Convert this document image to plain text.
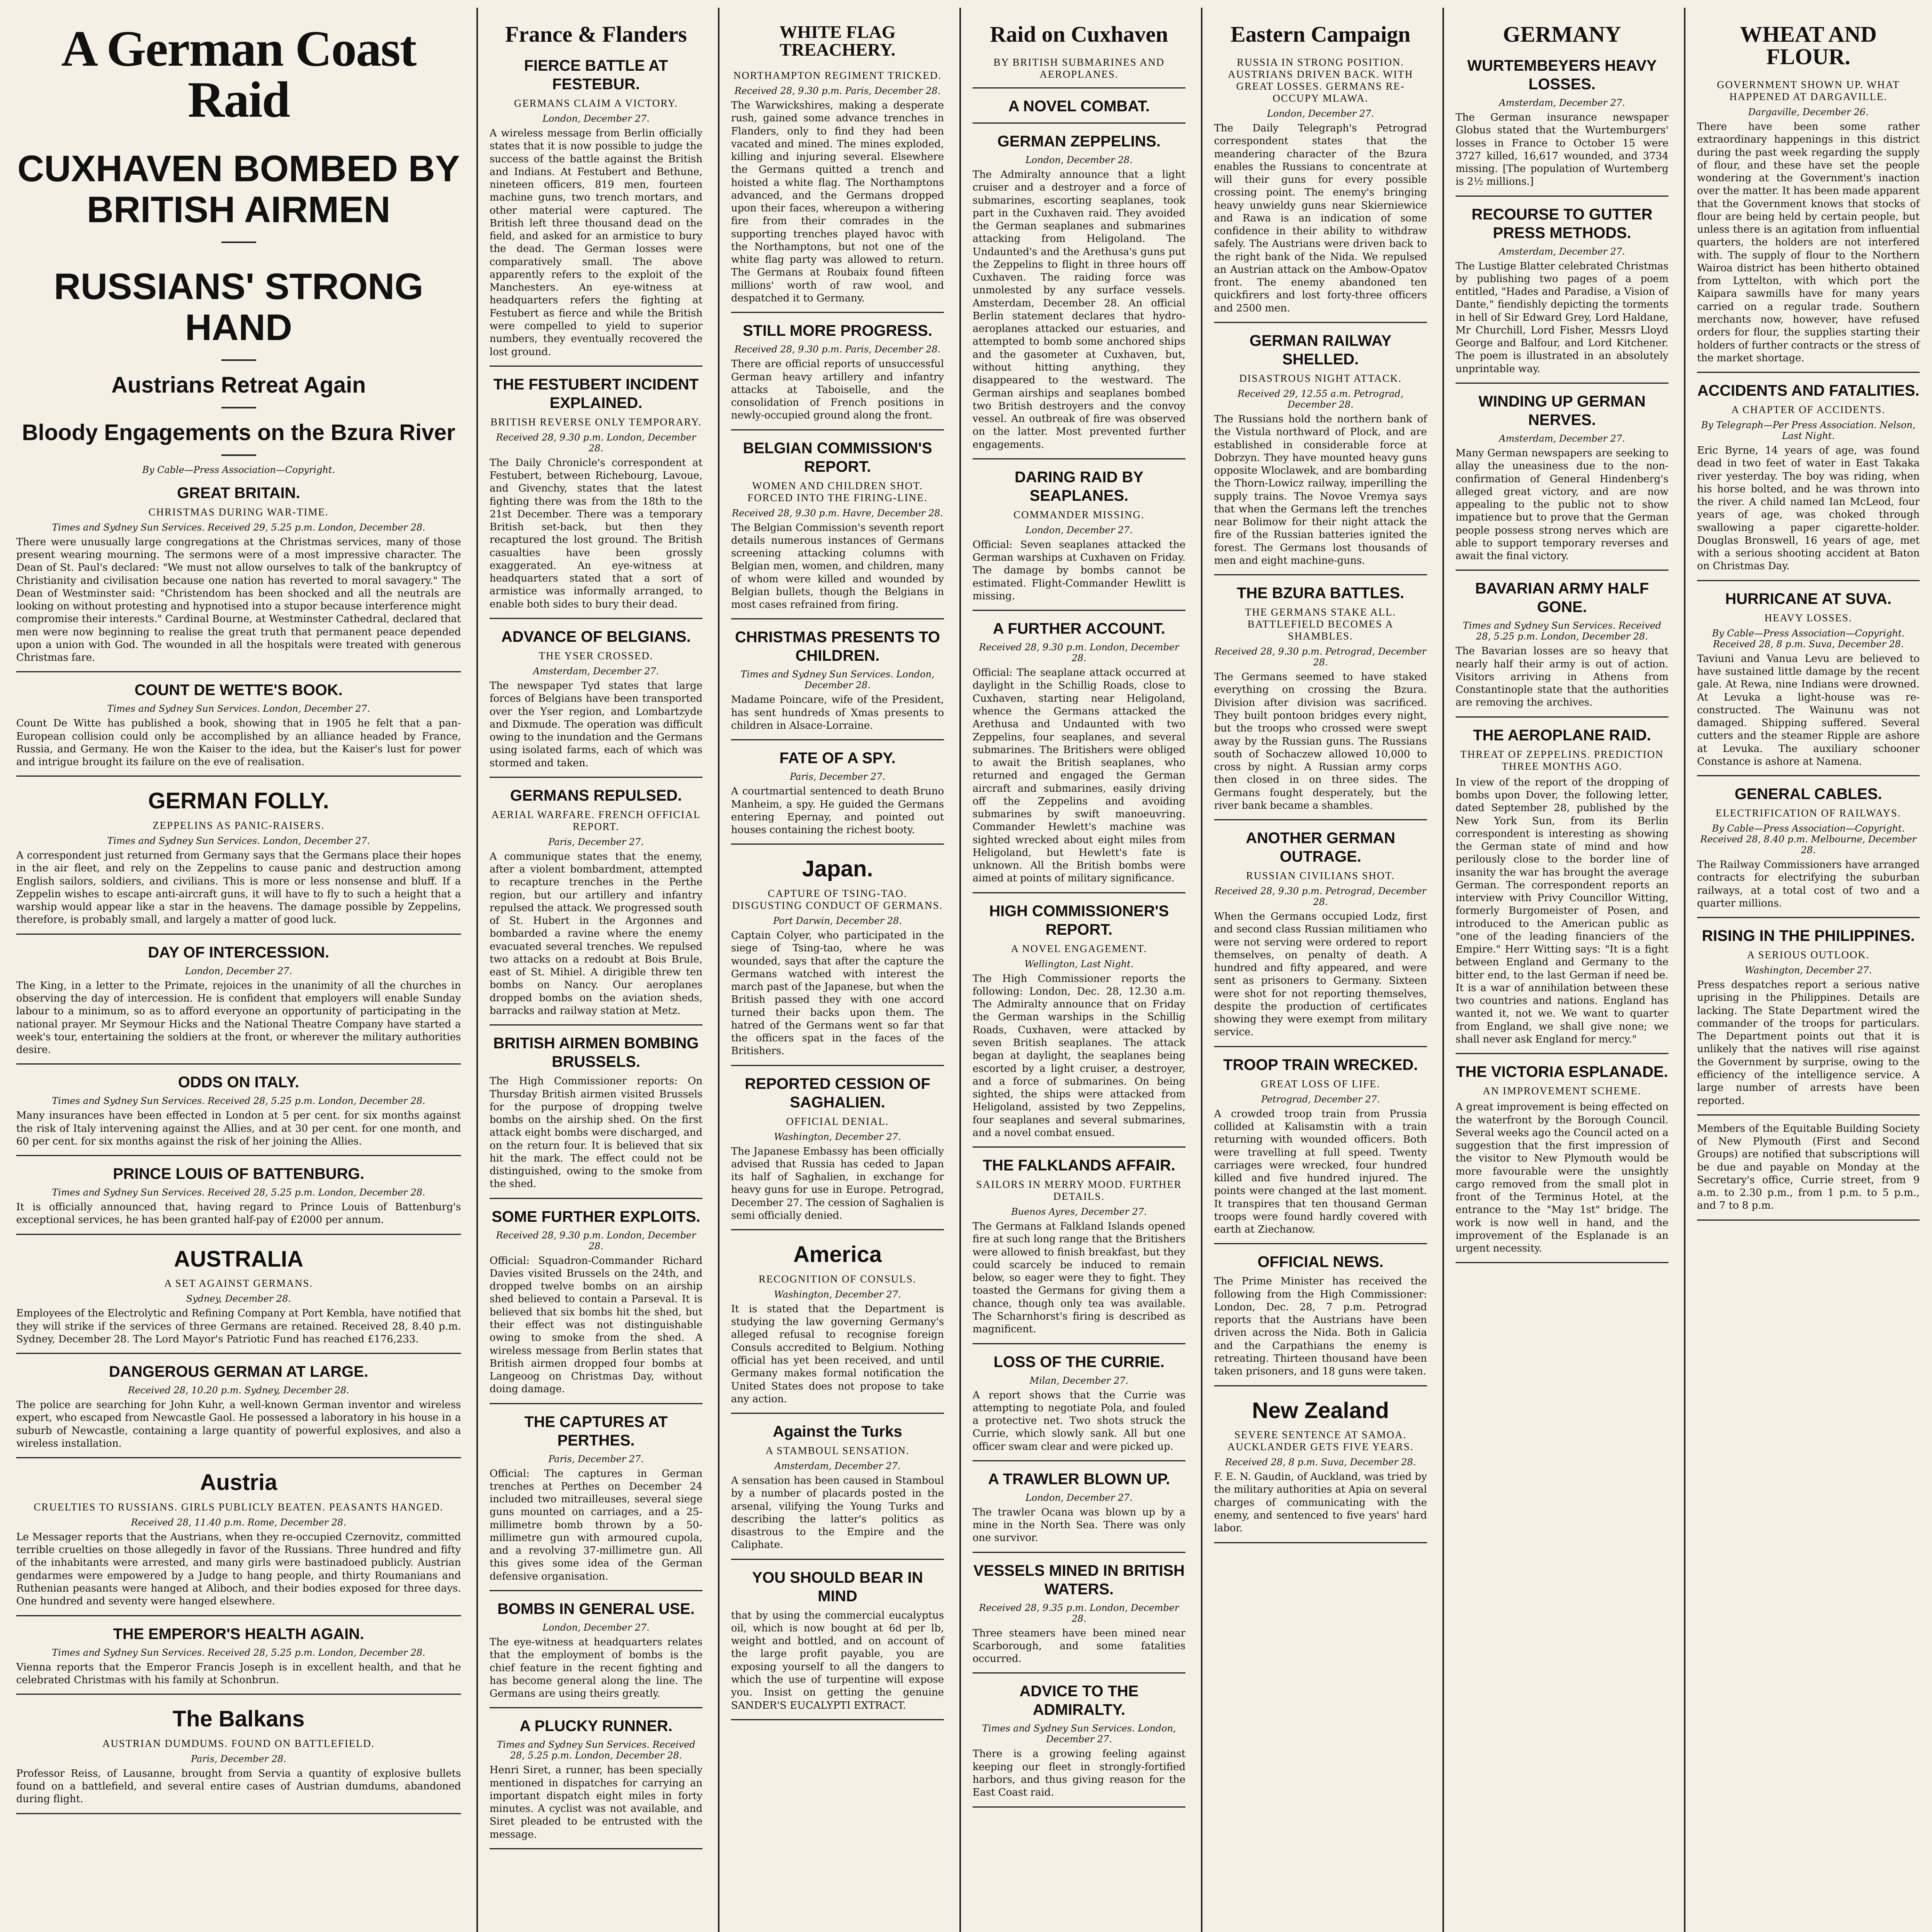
A German Coast Raid
CUXHAVEN BOMBED BY BRITISH AIRMEN
RUSSIANS' STRONG HAND
Austrians Retreat Again
Bloody Engagements on the Bzura River
By Cable—Press Association—Copyright.
GREAT BRITAIN.
CHRISTMAS DURING WAR-TIME.
Times and Sydney Sun Services. Received 29, 5.25 p.m. London, December 28.
There were unusually large congregations at the Christmas services, many of those present wearing mourning. The sermons were of a most impressive character. The Dean of St. Paul's declared: "We must not allow ourselves to talk of the bankruptcy of Christianity and civilisation because one nation has reverted to moral savagery." The Dean of Westminster said: "Christendom has been shocked and all the neutrals are looking on without protesting and hypnotised into a stupor because interference might compromise their interests." Cardinal Bourne, at Westminster Cathedral, declared that men were now beginning to realise the great truth that permanent peace depended upon a union with God. The wounded in all the hospitals were treated with generous Christmas fare.
COUNT DE WETTE'S BOOK.
Times and Sydney Sun Services. London, December 27.
Count De Witte has published a book, showing that in 1905 he felt that a pan-European collision could only be accomplished by an alliance headed by France, Russia, and Germany. He won the Kaiser to the idea, but the Kaiser's lust for power and intrigue brought its failure on the eve of realisation.
GERMAN FOLLY.
ZEPPELINS AS PANIC-RAISERS.
Times and Sydney Sun Services. London, December 27.
A correspondent just returned from Germany says that the Germans place their hopes in the air fleet, and rely on the Zeppelins to cause panic and destruction among English sailors, soldiers, and civilians. This is more or less nonsense and bluff. If a Zeppelin wishes to escape anti-aircraft guns, it will have to fly to such a height that a warship would appear like a star in the heavens. The damage possible by Zeppelins, therefore, is probably small, and largely a matter of good luck.
DAY OF INTERCESSION.
London, December 27.
The King, in a letter to the Primate, rejoices in the unanimity of all the churches in observing the day of intercession. He is confident that employers will enable Sunday labour to a minimum, so as to afford everyone an opportunity of participating in the national prayer. Mr Seymour Hicks and the National Theatre Company have started a week's tour, entertaining the soldiers at the front, or wherever the military authorities desire.
ODDS ON ITALY.
Times and Sydney Sun Services. Received 28, 5.25 p.m. London, December 28.
Many insurances have been effected in London at 5 per cent. for six months against the risk of Italy intervening against the Allies, and at 30 per cent. for one month, and 60 per cent. for six months against the risk of her joining the Allies.
PRINCE LOUIS OF BATTENBURG.
Times and Sydney Sun Services. Received 28, 5.25 p.m. London, December 28.
It is officially announced that, having regard to Prince Louis of Battenburg's exceptional services, he has been granted half-pay of £2000 per annum.
AUSTRALIA
A SET AGAINST GERMANS.
Sydney, December 28.
Employees of the Electrolytic and Refining Company at Port Kembla, have notified that they will strike if the services of three Germans are retained. Received 28, 8.40 p.m. Sydney, December 28. The Lord Mayor's Patriotic Fund has reached £176,233.
DANGEROUS GERMAN AT LARGE.
Received 28, 10.20 p.m. Sydney, December 28.
The police are searching for John Kuhr, a well-known German inventor and wireless expert, who escaped from Newcastle Gaol. He possessed a laboratory in his house in a suburb of Newcastle, containing a large quantity of powerful explosives, and also a wireless installation.
Austria
CRUELTIES TO RUSSIANS. GIRLS PUBLICLY BEATEN. PEASANTS HANGED.
Received 28, 11.40 p.m. Rome, December 28.
Le Messager reports that the Austrians, when they re-occupied Czernovitz, committed terrible cruelties on those allegedly in favor of the Russians. Three hundred and fifty of the inhabitants were arrested, and many girls were bastinadoed publicly. Austrian gendarmes were empowered by a Judge to hang people, and thirty Roumanians and Ruthenian peasants were hanged at Aliboch, and their bodies exposed for three days. One hundred and seventy were hanged elsewhere.
THE EMPEROR'S HEALTH AGAIN.
Times and Sydney Sun Services. Received 28, 5.25 p.m. London, December 28.
Vienna reports that the Emperor Francis Joseph is in excellent health, and that he celebrated Christmas with his family at Schonbrun.
The Balkans
AUSTRIAN DUMDUMS. FOUND ON BATTLEFIELD.
Paris, December 28.
Professor Reiss, of Lausanne, brought from Servia a quantity of explosive bullets found on a battlefield, and several entire cases of Austrian dumdums, abandoned during flight.
France & Flanders
FIERCE BATTLE AT FESTEBUR.
GERMANS CLAIM A VICTORY.
London, December 27.
A wireless message from Berlin officially states that it is now possible to judge the success of the battle against the British and Indians. At Festubert and Bethune, nineteen officers, 819 men, fourteen machine guns, two trench mortars, and other material were captured. The British left three thousand dead on the field, and asked for an armistice to bury the dead. The German losses were comparatively small. The above apparently refers to the exploit of the Manchesters. An eye-witness at headquarters refers the fighting at Festubert as fierce and while the British were compelled to yield to superior numbers, they eventually recovered the lost ground.
THE FESTUBERT INCIDENT EXPLAINED.
BRITISH REVERSE ONLY TEMPORARY.
Received 28, 9.30 p.m. London, December 28.
The Daily Chronicle's correspondent at Festubert, between Richebourg, Lavoue, and Givenchy, states that the latest fighting there was from the 18th to the 21st December. There was a temporary British set-back, but then they recaptured the lost ground. The British casualties have been grossly exaggerated. An eye-witness at headquarters stated that a sort of armistice was informally arranged, to enable both sides to bury their dead.
ADVANCE OF BELGIANS.
THE YSER CROSSED.
Amsterdam, December 27.
The newspaper Tyd states that large forces of Belgians have been transported over the Yser region, and Lombartzyde and Dixmude. The operation was difficult owing to the inundation and the Germans using isolated farms, each of which was stormed and taken.
GERMANS REPULSED.
AERIAL WARFARE. FRENCH OFFICIAL REPORT.
Paris, December 27.
A communique states that the enemy, after a violent bombardment, attempted to recapture trenches in the Perthe region, but our artillery and infantry repulsed the attack. We progressed south of St. Hubert in the Argonnes and bombarded a ravine where the enemy evacuated several trenches. We repulsed two attacks on a redoubt at Bois Brule, east of St. Mihiel. A dirigible threw ten bombs on Nancy. Our aeroplanes dropped bombs on the aviation sheds, barracks and railway station at Metz.
BRITISH AIRMEN BOMBING BRUSSELS.
The High Commissioner reports: On Thursday British airmen visited Brussels for the purpose of dropping twelve bombs on the airship shed. On the first attack eight bombs were discharged, and on the return four. It is believed that six hit the mark. The effect could not be distinguished, owing to the smoke from the shed.
SOME FURTHER EXPLOITS.
Received 28, 9.30 p.m. London, December 28.
Official: Squadron-Commander Richard Davies visited Brussels on the 24th, and dropped twelve bombs on an airship shed believed to contain a Parseval. It is believed that six bombs hit the shed, but their effect was not distinguishable owing to smoke from the shed. A wireless message from Berlin states that British airmen dropped four bombs at Langeoog on Christmas Day, without doing damage.
THE CAPTURES AT PERTHES.
Paris, December 27.
Official: The captures in German trenches at Perthes on December 24 included two mitrailleuses, several siege guns mounted on carriages, and a 25-millimetre bomb thrown by a 50-millimetre gun with armoured cupola, and a revolving 37-millimetre gun. All this gives some idea of the German defensive organisation.
BOMBS IN GENERAL USE.
London, December 27.
The eye-witness at headquarters relates that the employment of bombs is the chief feature in the recent fighting and has become general along the line. The Germans are using theirs greatly.
A PLUCKY RUNNER.
Times and Sydney Sun Services. Received 28, 5.25 p.m. London, December 28.
Henri Siret, a runner, has been specially mentioned in dispatches for carrying an important dispatch eight miles in forty minutes. A cyclist was not available, and Siret pleaded to be entrusted with the message.
WHITE FLAG TREACHERY.
NORTHAMPTON REGIMENT TRICKED.
Received 28, 9.30 p.m. Paris, December 28.
The Warwickshires, making a desperate rush, gained some advance trenches in Flanders, only to find they had been vacated and mined. The mines exploded, killing and injuring several. Elsewhere the Germans quitted a trench and hoisted a white flag. The Northamptons advanced, and the Germans dropped upon their faces, whereupon a withering fire from their comrades in the supporting trenches played havoc with the Northamptons, but not one of the white flag party was allowed to return. The Germans at Roubaix found fifteen millions' worth of raw wool, and despatched it to Germany.
STILL MORE PROGRESS.
Received 28, 9.30 p.m. Paris, December 28.
There are official reports of unsuccessful German heavy artillery and infantry attacks at Taboiselle, and the consolidation of French positions in newly-occupied ground along the front.
BELGIAN COMMISSION'S REPORT.
WOMEN AND CHILDREN SHOT. FORCED INTO THE FIRING-LINE.
Received 28, 9.30 p.m. Havre, December 28.
The Belgian Commission's seventh report details numerous instances of Germans screening attacking columns with Belgian men, women, and children, many of whom were killed and wounded by Belgian bullets, though the Belgians in most cases refrained from firing.
CHRISTMAS PRESENTS TO CHILDREN.
Times and Sydney Sun Services. London, December 28.
Madame Poincare, wife of the President, has sent hundreds of Xmas presents to children in Alsace-Lorraine.
FATE OF A SPY.
Paris, December 27.
A courtmartial sentenced to death Bruno Manheim, a spy. He guided the Germans entering Epernay, and pointed out houses containing the richest booty.
Japan.
CAPTURE OF TSING-TAO. DISGUSTING CONDUCT OF GERMANS.
Port Darwin, December 28.
Captain Colyer, who participated in the siege of Tsing-tao, where he was wounded, says that after the capture the Germans watched with interest the march past of the Japanese, but when the British passed they with one accord turned their backs upon them. The hatred of the Germans went so far that the officers spat in the faces of the Britishers.
REPORTED CESSION OF SAGHALIEN.
OFFICIAL DENIAL.
Washington, December 27.
The Japanese Embassy has been officially advised that Russia has ceded to Japan its half of Saghalien, in exchange for heavy guns for use in Europe. Petrograd, December 27. The cession of Saghalien is semi officially denied.
America
RECOGNITION OF CONSULS.
Washington, December 27.
It is stated that the Department is studying the law governing Germany's alleged refusal to recognise foreign Consuls accredited to Belgium. Nothing official has yet been received, and until Germany makes formal notification the United States does not propose to take any action.
Against the Turks
A STAMBOUL SENSATION.
Amsterdam, December 27.
A sensation has been caused in Stamboul by a number of placards posted in the arsenal, vilifying the Young Turks and describing the latter's politics as disastrous to the Empire and the Caliphate.
YOU SHOULD BEAR IN MIND
that by using the commercial eucalyptus oil, which is now bought at 6d per lb, weight and bottled, and on account of the large profit payable, you are exposing yourself to all the dangers to which the use of turpentine will expose you. Insist on getting the genuine SANDER'S EUCALYPTI EXTRACT.
Raid on Cuxhaven
BY BRITISH SUBMARINES AND AEROPLANES.
A NOVEL COMBAT.
GERMAN ZEPPELINS.
London, December 28.
The Admiralty announce that a light cruiser and a destroyer and a force of submarines, escorting seaplanes, took part in the Cuxhaven raid. They avoided the German seaplanes and submarines attacking from Heligoland. The Undaunted's and the Arethusa's guns put the Zeppelins to flight in three hours off Cuxhaven. The raiding force was unmolested by any surface vessels. Amsterdam, December 28. An official Berlin statement declares that hydro-aeroplanes attacked our estuaries, and attempted to bomb some anchored ships and the gasometer at Cuxhaven, but, without hitting anything, they disappeared to the westward. The German airships and seaplanes bombed two British destroyers and the convoy vessel. An outbreak of fire was observed on the latter. Most prevented further engagements.
DARING RAID BY SEAPLANES.
COMMANDER MISSING.
London, December 27.
Official: Seven seaplanes attacked the German warships at Cuxhaven on Friday. The damage by bombs cannot be estimated. Flight-Commander Hewlitt is missing.
A FURTHER ACCOUNT.
Received 28, 9.30 p.m. London, December 28.
Official: The seaplane attack occurred at daylight in the Schillig Roads, close to Cuxhaven, starting near Heligoland, whence the Germans attacked the Arethusa and Undaunted with two Zeppelins, four seaplanes, and several submarines. The Britishers were obliged to await the British seaplanes, who returned and engaged the German aircraft and submarines, easily driving off the Zeppelins and avoiding submarines by swift manoeuvring. Commander Hewlett's machine was sighted wrecked about eight miles from Heligoland, but Hewlett's fate is unknown. All the British bombs were aimed at points of military significance.
HIGH COMMISSIONER'S REPORT.
A NOVEL ENGAGEMENT.
Wellington, Last Night.
The High Commissioner reports the following: London, Dec. 28, 12.30 a.m. The Admiralty announce that on Friday the German warships in the Schillig Roads, Cuxhaven, were attacked by seven British seaplanes. The attack began at daylight, the seaplanes being escorted by a light cruiser, a destroyer, and a force of submarines. On being sighted, the ships were attacked from Heligoland, assisted by two Zeppelins, four seaplanes and several submarines, and a novel combat ensued.
THE FALKLANDS AFFAIR.
SAILORS IN MERRY MOOD. FURTHER DETAILS.
Buenos Ayres, December 27.
The Germans at Falkland Islands opened fire at such long range that the Britishers were allowed to finish breakfast, but they could scarcely be induced to remain below, so eager were they to fight. They toasted the Germans for giving them a chance, though only tea was available. The Scharnhorst's firing is described as magnificent.
LOSS OF THE CURRIE.
Milan, December 27.
A report shows that the Currie was attempting to negotiate Pola, and fouled a protective net. Two shots struck the Currie, which slowly sank. All but one officer swam clear and were picked up.
A TRAWLER BLOWN UP.
London, December 27.
The trawler Ocana was blown up by a mine in the North Sea. There was only one survivor.
VESSELS MINED IN BRITISH WATERS.
Received 28, 9.35 p.m. London, December 28.
Three steamers have been mined near Scarborough, and some fatalities occurred.
ADVICE TO THE ADMIRALTY.
Times and Sydney Sun Services. London, December 27.
There is a growing feeling against keeping our fleet in strongly-fortified harbors, and thus giving reason for the East Coast raid.
Eastern Campaign
RUSSIA IN STRONG POSITION. AUSTRIANS DRIVEN BACK. WITH GREAT LOSSES. GERMANS RE-OCCUPY MLAWA.
London, December 27.
The Daily Telegraph's Petrograd correspondent states that the meandering character of the Bzura enables the Russians to concentrate at will their guns for every possible crossing point. The enemy's bringing heavy unwieldy guns near Skierniewice and Rawa is an indication of some confidence in their ability to withdraw safely. The Austrians were driven back to the right bank of the Nida. We repulsed an Austrian attack on the Ambow-Opatov front. The enemy abandoned ten quickfirers and lost forty-three officers and 2500 men.
GERMAN RAILWAY SHELLED.
DISASTROUS NIGHT ATTACK.
Received 29, 12.55 a.m. Petrograd, December 28.
The Russians hold the northern bank of the Vistula northward of Plock, and are established in considerable force at Dobrzyn. They have mounted heavy guns opposite Wloclawek, and are bombarding the Thorn-Lowicz railway, imperilling the supply trains. The Novoe Vremya says that when the Germans left the trenches near Bolimow for their night attack the fire of the Russian batteries ignited the forest. The Germans lost thousands of men and eight machine-guns.
THE BZURA BATTLES.
THE GERMANS STAKE ALL. BATTLEFIELD BECOMES A SHAMBLES.
Received 28, 9.30 p.m. Petrograd, December 28.
The Germans seemed to have staked everything on crossing the Bzura. Division after division was sacrificed. They built pontoon bridges every night, but the troops who crossed were swept away by the Russian guns. The Russians south of Sochaczew allowed 10,000 to cross by night. A Russian army corps then closed in on three sides. The Germans fought desperately, but the river bank became a shambles.
ANOTHER GERMAN OUTRAGE.
RUSSIAN CIVILIANS SHOT.
Received 28, 9.30 p.m. Petrograd, December 28.
When the Germans occupied Lodz, first and second class Russian militiamen who were not serving were ordered to report themselves, on penalty of death. A hundred and fifty appeared, and were sent as prisoners to Germany. Sixteen were shot for not reporting themselves, despite the production of certificates showing they were exempt from military service.
TROOP TRAIN WRECKED.
GREAT LOSS OF LIFE.
Petrograd, December 27.
A crowded troop train from Prussia collided at Kalisamstin with a train returning with wounded officers. Both were travelling at full speed. Twenty carriages were wrecked, four hundred killed and five hundred injured. The points were changed at the last moment. It transpires that ten thousand German troops were found hardly covered with earth at Ziechanow.
OFFICIAL NEWS.
The Prime Minister has received the following from the High Commissioner: London, Dec. 28, 7 p.m. Petrograd reports that the Austrians have been driven across the Nida. Both in Galicia and the Carpathians the enemy is retreating. Thirteen thousand have been taken prisoners, and 18 guns were taken.
New Zealand
SEVERE SENTENCE AT SAMOA. AUCKLANDER GETS FIVE YEARS.
Received 28, 8 p.m. Suva, December 28.
F. E. N. Gaudin, of Auckland, was tried by the military authorities at Apia on several charges of communicating with the enemy, and sentenced to five years' hard labor.
GERMANY
WURTEMBEYERS HEAVY LOSSES.
Amsterdam, December 27.
The German insurance newspaper Globus stated that the Wurtemburgers' losses in France to October 15 were 3727 killed, 16,617 wounded, and 3734 missing. [The population of Wurtemberg is 2½ millions.]
RECOURSE TO GUTTER PRESS METHODS.
Amsterdam, December 27.
The Lustige Blatter celebrated Christmas by publishing two pages of a poem entitled, "Hades and Paradise, a Vision of Dante," fiendishly depicting the torments in hell of Sir Edward Grey, Lord Haldane, Mr Churchill, Lord Fisher, Messrs Lloyd George and Balfour, and Lord Kitchener. The poem is illustrated in an absolutely unprintable way.
WINDING UP GERMAN NERVES.
Amsterdam, December 27.
Many German newspapers are seeking to allay the uneasiness due to the non-confirmation of General Hindenberg's alleged great victory, and are now appealing to the public not to show impatience but to prove that the German people possess strong nerves which are able to support temporary reverses and await the final victory.
BAVARIAN ARMY HALF GONE.
Times and Sydney Sun Services. Received 28, 5.25 p.m. London, December 28.
The Bavarian losses are so heavy that nearly half their army is out of action. Visitors arriving in Athens from Constantinople state that the authorities are removing the archives.
THE AEROPLANE RAID.
THREAT OF ZEPPELINS. PREDICTION THREE MONTHS AGO.
In view of the report of the dropping of bombs upon Dover, the following letter, dated September 28, published by the New York Sun, from its Berlin correspondent is interesting as showing the German state of mind and how perilously close to the border line of insanity the war has brought the average German. The correspondent reports an interview with Privy Councillor Witting, formerly Burgomeister of Posen, and introduced to the American public as "one of the leading financiers of the Empire." Herr Witting says: "It is a fight between England and Germany to the bitter end, to the last German if need be. It is a war of annihilation between these two countries and nations. England has wanted it, not we. We want to quarter from England, we shall give none; we shall never ask England for mercy."
THE VICTORIA ESPLANADE.
AN IMPROVEMENT SCHEME.
A great improvement is being effected on the waterfront by the Borough Council. Several weeks ago the Council acted on a suggestion that the first impression of the visitor to New Plymouth would be more favourable were the unsightly cargo removed from the small plot in front of the Terminus Hotel, at the entrance to the "May 1st" bridge. The work is now well in hand, and the improvement of the Esplanade is an urgent necessity.
WHEAT AND FLOUR.
GOVERNMENT SHOWN UP. WHAT HAPPENED AT DARGAVILLE.
Dargaville, December 26.
There have been some rather extraordinary happenings in this district during the past week regarding the supply of flour, and these have set the people wondering at the Government's inaction over the matter. It has been made apparent that the Government knows that stocks of flour are being held by certain people, but unless there is an agitation from influential quarters, the holders are not interfered with. The supply of flour to the Northern Wairoa district has been hitherto obtained from Lyttelton, with which port the Kaipara sawmills have for many years carried on a regular trade. Southern merchants now, however, have refused orders for flour, the supplies starting their holders of further contracts or the stress of the market shortage.
ACCIDENTS AND FATALITIES.
A CHAPTER OF ACCIDENTS.
By Telegraph—Per Press Association. Nelson, Last Night.
Eric Byrne, 14 years of age, was found dead in two feet of water in East Takaka river yesterday. The boy was riding, when his horse bolted, and he was thrown into the river. A child named Ian McLeod, four years of age, was choked through swallowing a paper cigarette-holder. Douglas Bronswell, 16 years of age, met with a serious shooting accident at Baton on Christmas Day.
HURRICANE AT SUVA.
HEAVY LOSSES.
By Cable—Press Association—Copyright. Received 28, 8 p.m. Suva, December 28.
Taviuni and Vanua Levu are believed to have sustained little damage by the recent gale. At Rewa, nine Indians were drowned. At Levuka a light-house was re-constructed. The Wainunu was not damaged. Shipping suffered. Several cutters and the steamer Ripple are ashore at Levuka. The auxiliary schooner Constance is ashore at Namena.
GENERAL CABLES.
ELECTRIFICATION OF RAILWAYS.
By Cable—Press Association—Copyright. Received 28, 8.40 p.m. Melbourne, December 28.
The Railway Commissioners have arranged contracts for electrifying the suburban railways, at a total cost of two and a quarter millions.
RISING IN THE PHILIPPINES.
A SERIOUS OUTLOOK.
Washington, December 27.
Press despatches report a serious native uprising in the Philippines. Details are lacking. The State Department wired the commander of the troops for particulars. The Department points out that it is unlikely that the natives will rise against the Government by surprise, owing to the efficiency of the intelligence service. A large number of arrests have been reported.
Members of the Equitable Building Society of New Plymouth (First and Second Groups) are notified that subscriptions will be due and payable on Monday at the Secretary's office, Currie street, from 9 a.m. to 2.30 p.m., from 1 p.m. to 5 p.m., and 7 to 8 p.m.
